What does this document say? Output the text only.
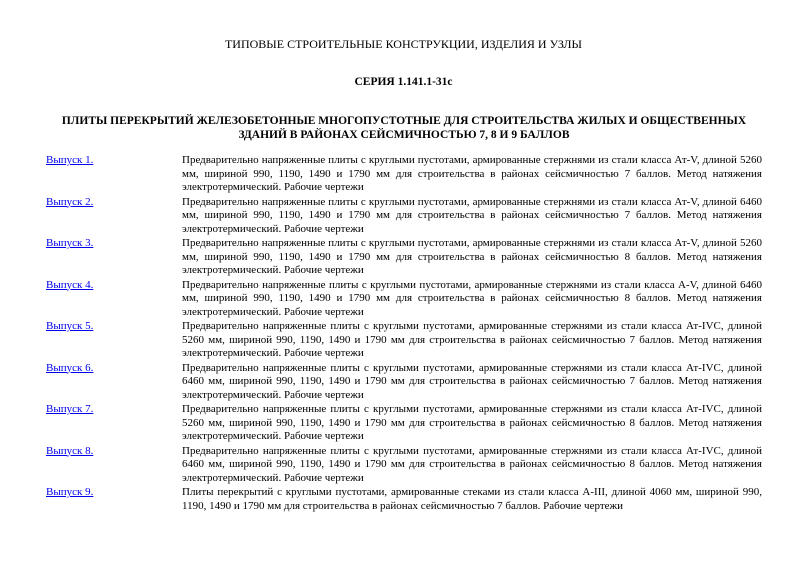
ТИПОВЫЕ СТРОИТЕЛЬНЫЕ КОНСТРУКЦИИ, ИЗДЕЛИЯ И УЗЛЫ
СЕРИЯ 1.141.1-31с
ПЛИТЫ ПЕРЕКРЫТИЙ ЖЕЛЕЗОБЕТОННЫЕ МНОГОПУСТОТНЫЕ ДЛЯ СТРОИТЕЛЬСТВА ЖИЛЫХ И ОБЩЕСТВЕННЫХ ЗДАНИЙ В РАЙОНАХ СЕЙСМИЧНОСТЬЮ 7, 8 И 9 БАЛЛОВ
Выпуск 1.	Предварительно напряженные плиты с круглыми пустотами, армированные стержнями из стали класса Ат-V, длиной 5260 мм, шириной 990, 1190, 1490 и 1790 мм для строительства в районах сейсмичностью 7 баллов. Метод натяжения электротермический. Рабочие чертежи
Выпуск 2.	Предварительно напряженные плиты с круглыми пустотами, армированные стержнями из стали класса Ат-V, длиной 6460 мм, шириной 990, 1190, 1490 и 1790 мм для строительства в районах сейсмичностью 7 баллов. Метод натяжения электротермический. Рабочие чертежи
Выпуск 3.	Предварительно напряженные плиты с круглыми пустотами, армированные стержнями из стали класса Ат-V, длиной 5260 мм, шириной 990, 1190, 1490 и 1790 мм для строительства в районах сейсмичностью 8 баллов. Метод натяжения электротермический. Рабочие чертежи
Выпуск 4.	Предварительно напряженные плиты с круглыми пустотами, армированные стержнями из стали класса А-V, длиной 6460 мм, шириной 990, 1190, 1490 и 1790 мм для строительства в районах сейсмичностью 8 баллов. Метод натяжения электротермический. Рабочие чертежи
Выпуск 5.	Предварительно напряженные плиты с круглыми пустотами, армированные стержнями из стали класса Ат-IVC, длиной 5260 мм, шириной 990, 1190, 1490 и 1790 мм для строительства в районах сейсмичностью 7 баллов. Метод натяжения электротермический. Рабочие чертежи
Выпуск 6.	Предварительно напряженные плиты с круглыми пустотами, армированные стержнями из стали класса Ат-IVC, длиной 6460 мм, шириной 990, 1190, 1490 и 1790 мм для строительства в районах сейсмичностью 7 баллов. Метод натяжения электротермический. Рабочие чертежи
Выпуск 7.	Предварительно напряженные плиты с круглыми пустотами, армированные стержнями из стали класса Ат-IVC, длиной 5260 мм, шириной 990, 1190, 1490 и 1790 мм для строительства в районах сейсмичностью 8 баллов. Метод натяжения электротермический. Рабочие чертежи
Выпуск 8.	Предварительно напряженные плиты с круглыми пустотами, армированные стержнями из стали класса Ат-IVC, длиной 6460 мм, шириной 990, 1190, 1490 и 1790 мм для строительства в районах сейсмичностью 8 баллов. Метод натяжения электротермический. Рабочие чертежи
Выпуск 9.	Плиты перекрытий с круглыми пустотами, армированные стеками из стали класса А-III, длиной 4060 мм, шириной 990, 1190, 1490 и 1790 мм для строительства в районах сейсмичностью 7 баллов. Рабочие чертежи
